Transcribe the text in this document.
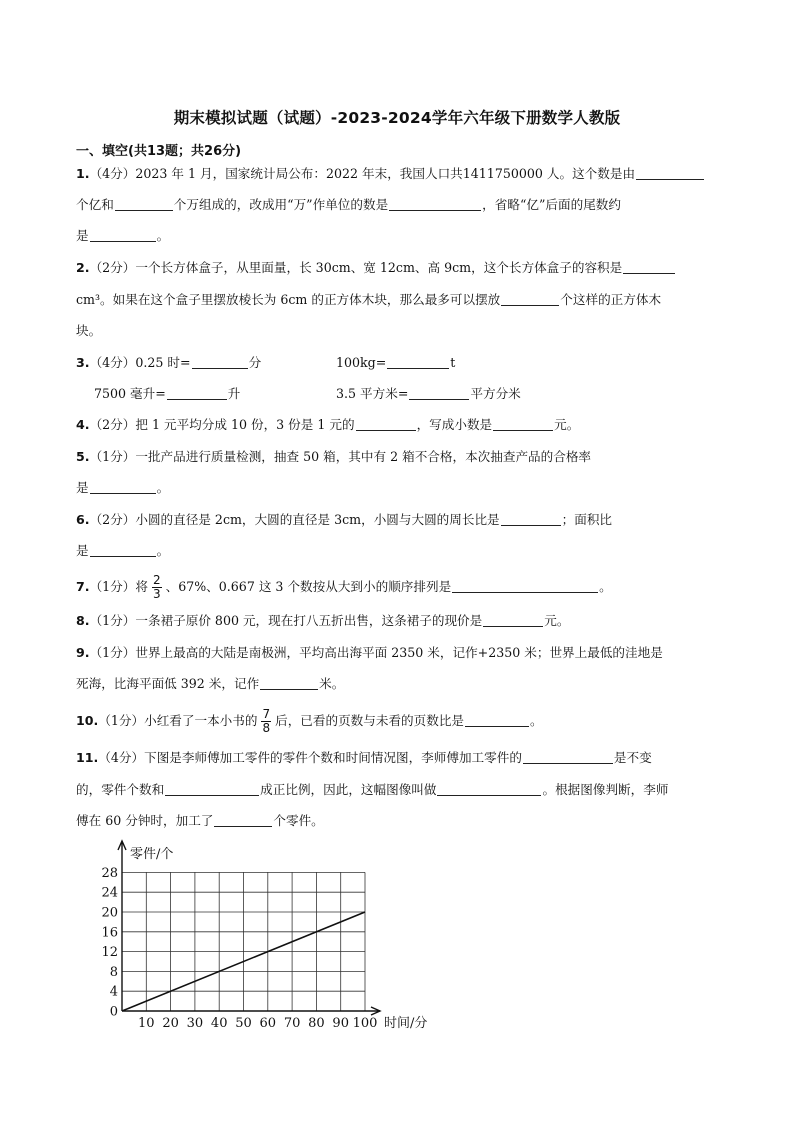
期末模拟试题（试题）-2023-2024学年六年级下册数学人教版
一、填空(共13题；共26分)
1.（4分）2023 年 1 月，国家统计局公布：2022 年末，我国人口共1411750000 人。这个数是由
个亿和	个万组成的，改成用“万”作单位的数是	，省略“亿”后面的尾数约
是	。
2.（2分）一个长方体盒子，从里面量，长 30cm、宽 12cm、高 9cm，这个长方体盒子的容积是
cm³。如果在这个盒子里摆放棱长为 6cm 的正方体木块，那么最多可以摆放	个这样的正方体木
块。
3.（4分）0.25 时=	分	100kg=	t
7500 毫升=	升	3.5 平方米=	平方分米
4.（2分）把 1 元平均分成 10 份，3 份是 1 元的	，写成小数是	元。
5.（1分）一批产品进行质量检测，抽查 50 箱，其中有 2 箱不合格，本次抽查产品的合格率
是	。
6.（2分）小圆的直径是 2cm，大圆的直径是 3cm，小圆与大圆的周长比是	；面积比
是	。
7.（1分）将 $\frac{2}{3}$ 、67%、0.667 这 3 个数按从大到小的顺序排列是	。
8.（1分）一条裙子原价 800 元，现在打八五折出售，这条裙子的现价是	元。
9.（1分）世界上最高的大陆是南极洲，平均高出海平面 2350 米，记作+2350 米；世界上最低的洼地是
死海，比海平面低 392 米，记作	米。
10.（1分）小红看了一本小书的 $\frac{7}{8}$ 后，已看的页数与未看的页数比是	。
11.（4分）下图是李师傅加工零件的零件个数和时间情况图，李师傅加工零件的	是不变
的，零件个数和	成正比例，因此，这幅图像叫做	。根据图像判断，李师
傅在 60 分钟时，加工了	个零件。
0
4
8
12
16
20
24
28
10 20 30 40 50 60 70 80 90 100
零件/个
时间/分
